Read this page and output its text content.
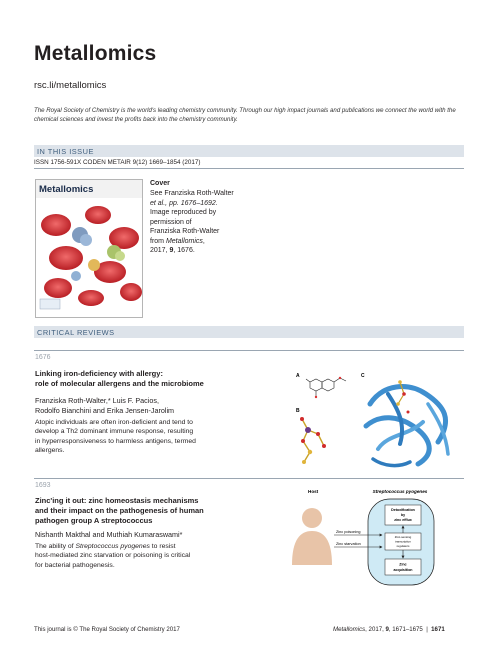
Metallomics
rsc.li/metallomics
The Royal Society of Chemistry is the world's leading chemistry community. Through our high impact journals and publications we connect the world with the chemical sciences and invest the profits back into the chemistry community.
IN THIS ISSUE
ISSN 1756-591X CODEN METAIR 9(12) 1669–1854 (2017)
Metallomics
Cover
See Franziska Roth-Walter
et al., pp. 1676–1692.
Image reproduced by
permission of
Franziska Roth-Walter
from Metallomics,
2017, 9, 1676.
CRITICAL REVIEWS
1676
Linking iron-deficiency with allergy:
role of molecular allergens and the microbiome
Franziska Roth-Walter,* Luis F. Pacios,
Rodolfo Bianchini and Erika Jensen-Jarolim
Atopic individuals are often iron-deficient and tend to
develop a Th2 dominant immune response, resulting
in hyperresponsiveness to harmless antigens, termed
allergens.
A
B
C
1693
Zinc'ing it out: zinc homeostasis mechanisms
and their impact on the pathogenesis of human
pathogen group A streptococcus
Nishanth Makthal and Muthiah Kumaraswami*
The ability of Streptococcus pyogenes to resist
host-mediated zinc starvation or poisoning is critical
for bacterial pathogenesis.
Host	Streptococcus pyogenes
Detoxification
by
zinc efflux
Zinc-sensing
transcription
regulators
Zinc
acquisition
Zinc poisoning
Zinc starvation
This journal is © The Royal Society of Chemistry 2017	Metallomics, 2017, 9, 1671–1675 | 1671
